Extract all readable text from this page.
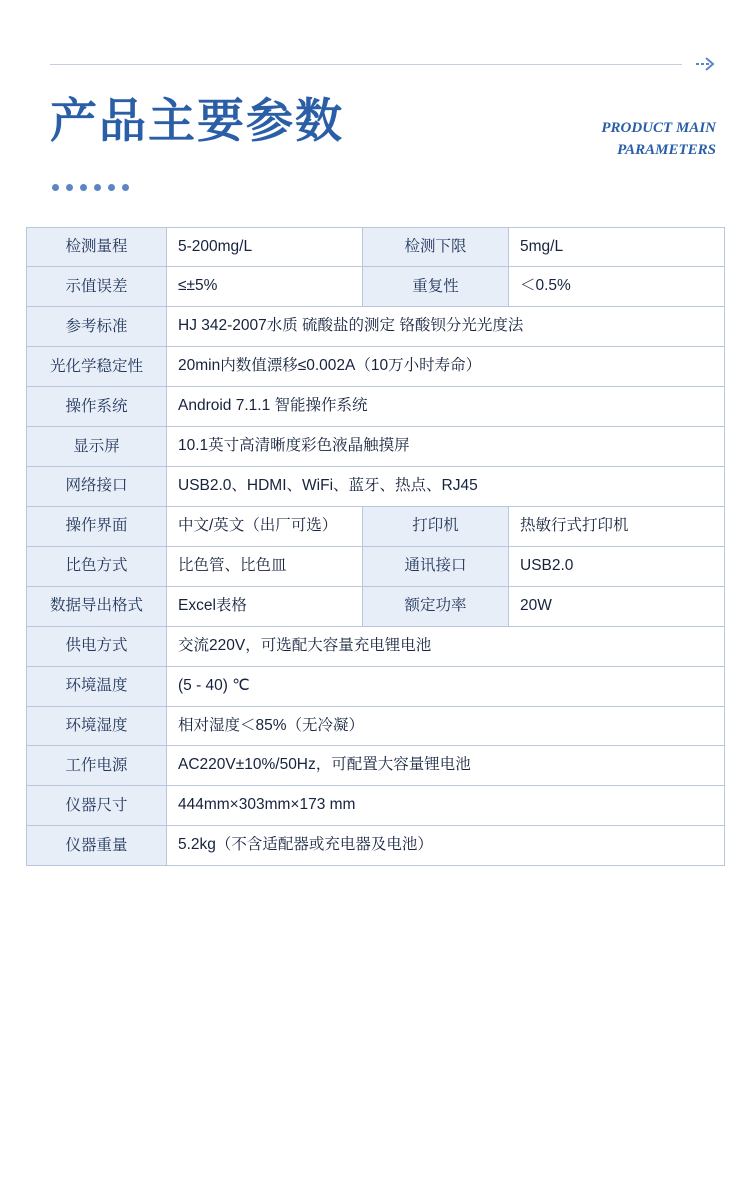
产品主要参数	PRODUCT MAIN
PARAMETERS
检测量程	5-200mg/L	检测下限	5mg/L
示值误差	≤±5%	重复性	＜0.5%
参考标准	HJ 342-2007水质 硫酸盐的测定 铬酸钡分光光度法		
光化学稳定性	20min内数值漂移≤0.002A（10万小时寿命）		
操作系统	Android 7.1.1 智能操作系统		
显示屏	10.1英寸高清晰度彩色液晶触摸屏		
网络接口	USB2.0、HDMI、WiFi、蓝牙、热点、RJ45		
操作界面	中文/英文（出厂可选）	打印机	热敏行式打印机
比色方式	比色管、比色皿	通讯接口	USB2.0
数据导出格式	Excel表格	额定功率	20W
供电方式	交流220V，可选配大容量充电锂电池		
环境温度	(5 - 40) ℃		
环境湿度	相对湿度＜85%（无冷凝）		
工作电源	AC220V±10%/50Hz，可配置大容量锂电池		
仪器尺寸	444mm×303mm×173 mm		
仪器重量	5.2kg（不含适配器或充电器及电池）		
